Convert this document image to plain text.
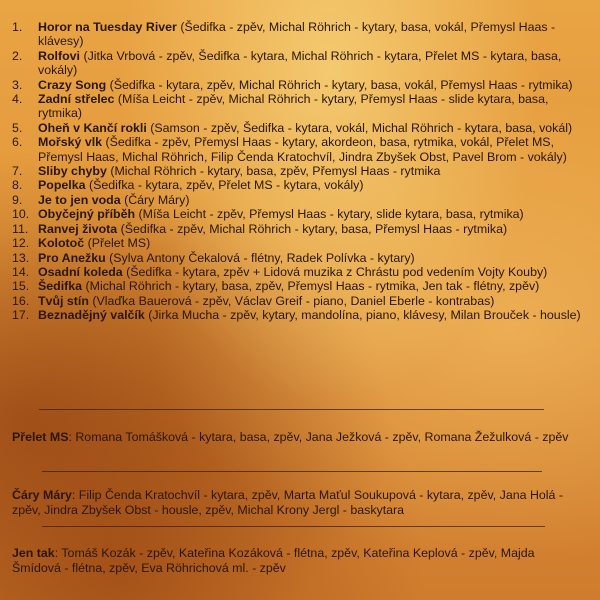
1.	Horor na Tuesday River (Šedifka - zpěv, Michal Röhrich - kytary, basa, vokál, Přemysl Haas - klávesy)
2.	Rolfovi (Jitka Vrbová - zpěv, Šedifka - kytara, Michal Röhrich - kytara, Přelet MS - kytara, basa, vokály)
3.	Crazy Song (Šedifka - kytara, zpěv, Michal Röhrich - kytary, basa, vokál, Přemysl Haas - rytmika)
4.	Zadní střelec (Míša Leicht - zpěv, Michal Röhrich - kytary, Přemysl Haas - slide kytara, basa, rytmika)
5.	Oheň v Kančí rokli (Samson - zpěv, Šedifka - kytara, vokál, Michal Röhrich - kytara, basa, vokál)
6.	Mořský vlk (Šedifka - zpěv, Přemysl Haas - kytary, akordeon, basa, rytmika, vokál, Přelet MS, Přemysl Haas, Michal Röhrich, Filip Čenda Kratochvíl, Jindra Zbyšek Obst, Pavel Brom - vokály)
7.	Sliby chyby (Michal Röhrich - kytary, basa, zpěv, Přemysl Haas - rytmika
8.	Popelka (Šedifka - kytara, zpěv, Přelet MS - kytara, vokály)
9.	Je to jen voda (Čáry Máry)
10. Obyčejný příběh (Míša Leicht - zpěv, Přemysl Haas - kytary, slide kytara, basa, rytmika)
11. Ranvej života (Šedifka - zpěv, Michal Röhrich - kytary, basa, Přemysl Haas - rytmika)
12. Kolotoč (Přelet MS)
13. Pro Anežku (Sylva Antony Čekalová - flétny, Radek Polívka - kytary)
14. Osadní koleda (Šedifka - kytara, zpěv + Lidová muzika z Chrástu pod vedením Vojty Kouby)
15. Šedifka (Michal Röhrich - kytary, basa, zpěv, Přemysl Haas - rytmika, Jen tak - flétny, zpěv)
16. Tvůj stín (Vlaďka Bauerová - zpěv, Václav Greif - piano, Daniel Eberle - kontrabas)
17. Beznadějný valčík (Jirka Mucha - zpěv, kytary, mandolína, piano, klávesy, Milan Brouček - housle)
Přelet MS: Romana Tomášková - kytara, basa, zpěv, Jana Ježková - zpěv, Romana Žežulková - zpěv
Čáry Máry: Filip Čenda Kratochvíl - kytara, zpěv, Marta Maťul Soukupová - kytara, zpěv, Jana Holá - zpěv, Jindra Zbyšek Obst - housle, zpěv, Michal Krony Jergl - baskytara
Jen tak: Tomáš Kozák - zpěv, Kateřina Kozáková - flétna, zpěv, Kateřina Keplová - zpěv, Majda Šmídová - flétna, zpěv, Eva Röhrichová ml. - zpěv
